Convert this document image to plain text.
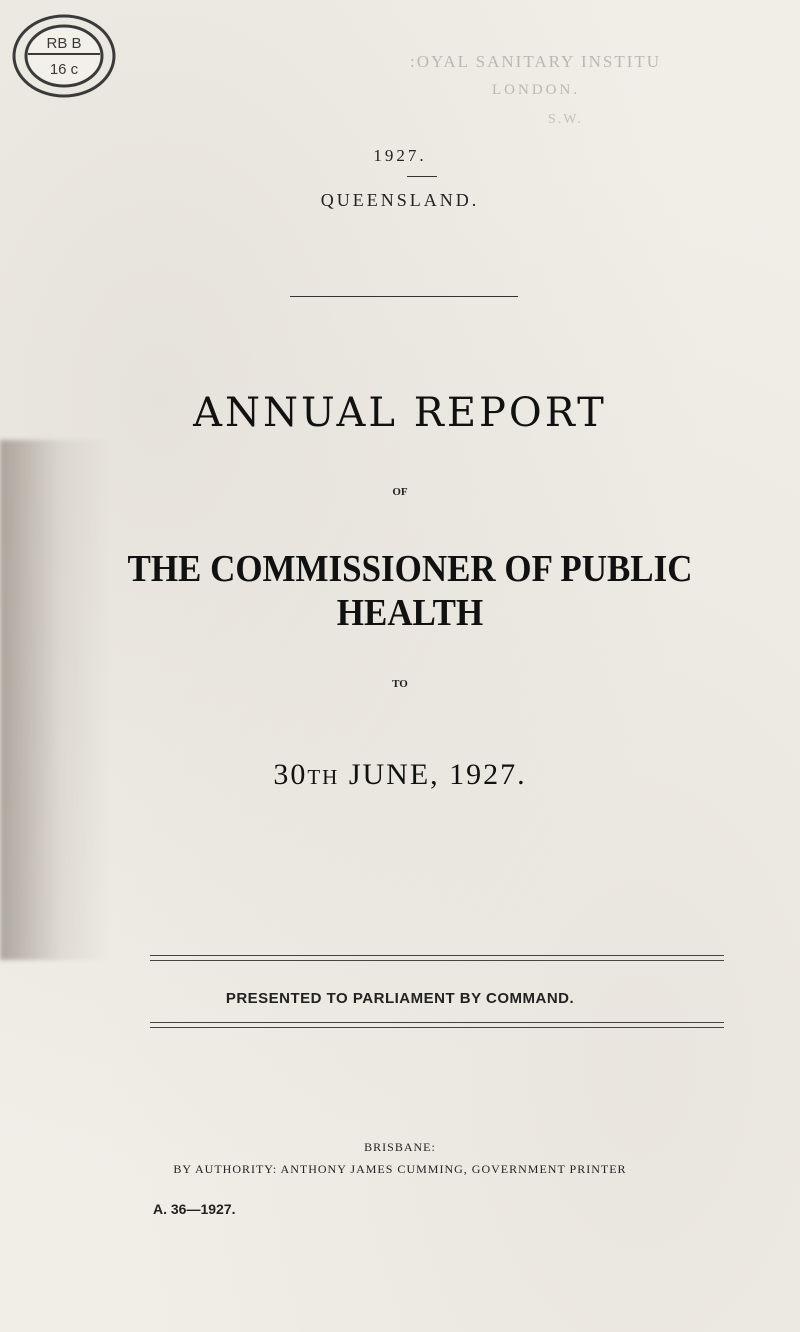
RB B
16 c	:OYAL SANITARY INSTITU
LONDON.
S.W.
1927.
QUEENSLAND.
ANNUAL REPORT
OF
THE COMMISSIONER OF PUBLIC HEALTH
TO
30th JUNE, 1927.
PRESENTED TO PARLIAMENT BY COMMAND.
BRISBANE:
BY AUTHORITY: ANTHONY JAMES CUMMING, GOVERNMENT PRINTER
A. 36—1927.
